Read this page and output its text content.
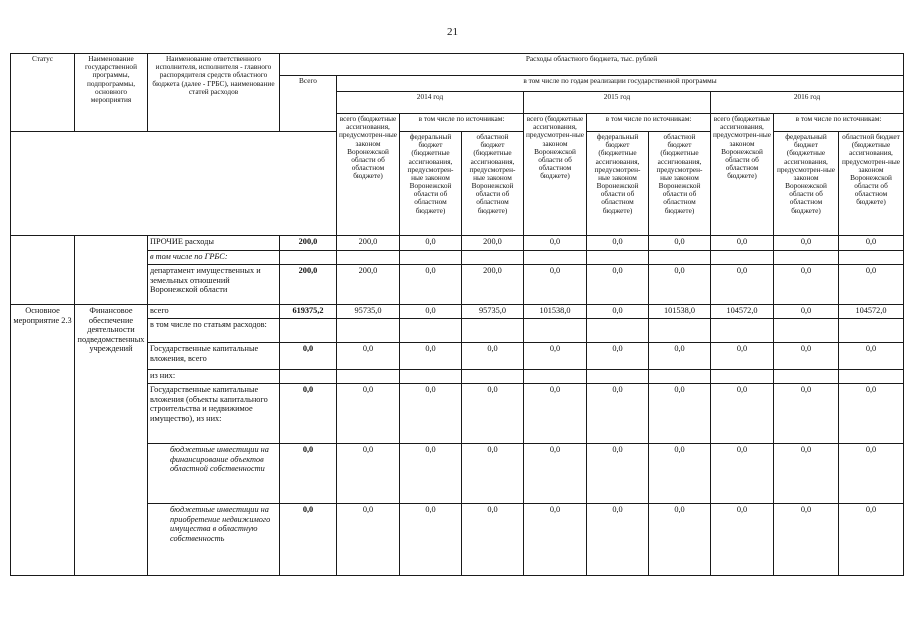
21
Статус	Наименование государственной программы, подпрограммы, основного мероприятия	Наименование ответственного исполнителя, исполнителя - главного распорядителя средств областного бюджета (далее - ГРБС), наименование статей расходов	Расходы областного бюджета, тыс. рублей									
			Всего	в том числе по годам реализации государственной программы								
				2014 год			2015 год			2016 год		
				всего (бюджетные ассигнования, предусмотрен-ные законом Воронежской области об областном бюджете)	в том числе по источникам:		всего (бюджетные ассигнования, предусмотрен-ные законом Воронежской области об областном бюджете)	в том числе по источникам:		всего (бюджетные ассигнования, предусмотрен-ные законом Воронежской области об областном бюджете)	в том числе по источникам:	
					федеральный бюджет (бюджетные ассигнования, предусмотрен-ные законом Воронежской области об областном бюджете)	областной бюджет (бюджетные ассигнования, предусмотрен-ные законом Воронежской области об областном бюджете)		федеральный бюджет (бюджетные ассигнования, предусмотрен-ные законом Воронежской области об областном бюджете)	областной бюджет (бюджетные ассигнования, предусмотрен-ные законом Воронежской области об областном бюджете)		федеральный бюджет (бюджетные ассигнования, предусмотрен-ные законом Воронежской области об областном бюджете)	областной бюджет (бюджетные ассигнования, предусмотрен-ные законом Воронежской области об областном бюджете)
		ПРОЧИЕ расходы	200,0	200,0	0,0	200,0	0,0	0,0	0,0	0,0	0,0	0,0
		в том числе по ГРБС:										
		департамент имущественных и земельных отношений Воронежской области	200,0	200,0	0,0	200,0	0,0	0,0	0,0	0,0	0,0	0,0
Основное мероприятие 2.3	Финансовое обеспечение деятельности подведомственных учреждений	всего	619375,2	95735,0	0,0	95735,0	101538,0	0,0	101538,0	104572,0	0,0	104572,0
		в том числе по статьям расходов:										
		Государственные капитальные вложения, всего	0,0	0,0	0,0	0,0	0,0	0,0	0,0	0,0	0,0	0,0
		из них:										
		Государственные капитальные вложения (объекты капитального строительства и недвижимое имущество), из них:	0,0	0,0	0,0	0,0	0,0	0,0	0,0	0,0	0,0	0,0
		бюджетные инвестиции на финансирование объектов областной собственности	0,0	0,0	0,0	0,0	0,0	0,0	0,0	0,0	0,0	0,0
		бюджетные инвестиции на приобретение недвижимого имущества в областную собственность	0,0	0,0	0,0	0,0	0,0	0,0	0,0	0,0	0,0	0,0
